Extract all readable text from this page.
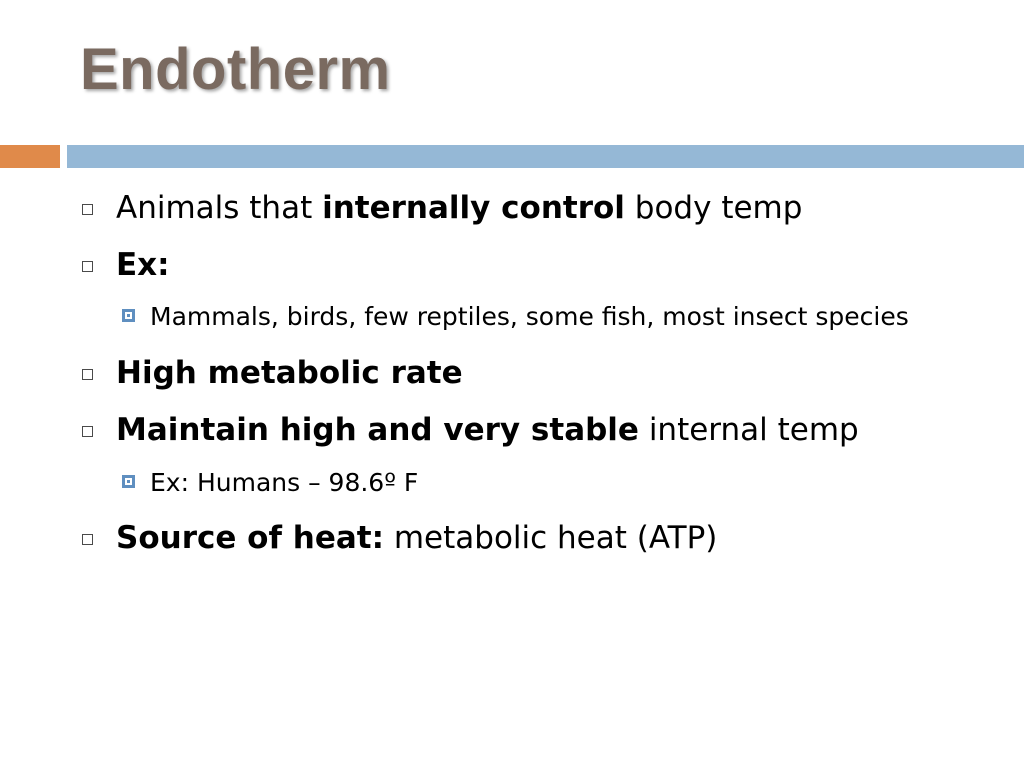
Endotherm
Animals that internally control body temp
Ex:
Mammals, birds, few reptiles, some fish, most insect species
High metabolic rate
Maintain high and very stable internal temp
Ex: Humans – 98.6º F
Source of heat: metabolic heat (ATP)
